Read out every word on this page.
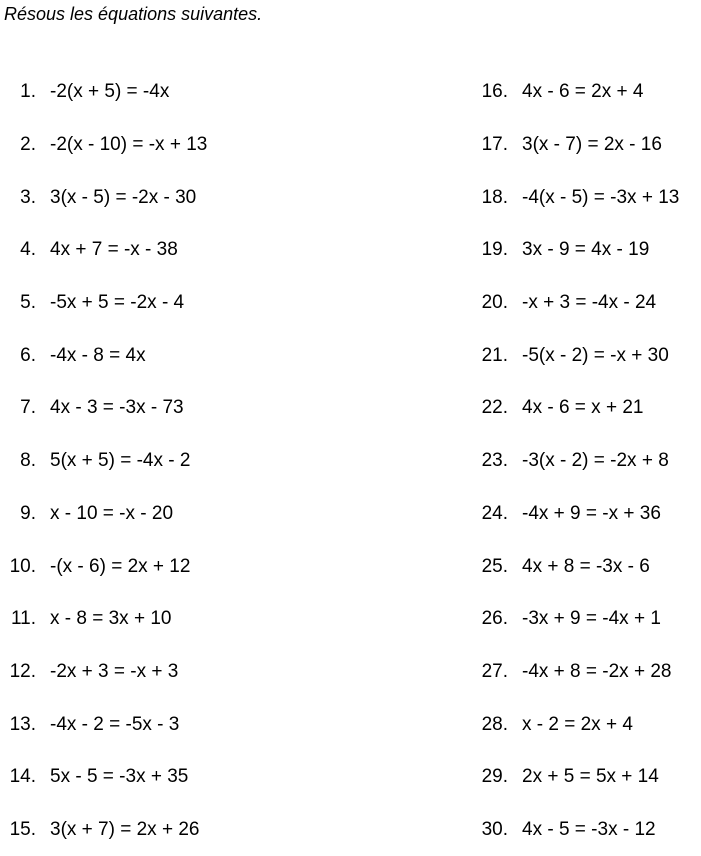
Résous les équations suivantes.
1. -2(x + 5) = -4x
2. -2(x - 10) = -x + 13
3. 3(x - 5) = -2x - 30
4. 4x + 7 = -x - 38
5. -5x + 5 = -2x - 4
6. -4x - 8 = 4x
7. 4x - 3 = -3x - 73
8. 5(x + 5) = -4x - 2
9. x - 10 = -x - 20
10. -(x - 6) = 2x + 12
11. x - 8 = 3x + 10
12. -2x + 3 = -x + 3
13. -4x - 2 = -5x - 3
14. 5x - 5 = -3x + 35
15. 3(x + 7) = 2x + 26
16. 4x - 6 = 2x + 4
17. 3(x - 7) = 2x - 16
18. -4(x - 5) = -3x + 13
19. 3x - 9 = 4x - 19
20. -x + 3 = -4x - 24
21. -5(x - 2) = -x + 30
22. 4x - 6 = x + 21
23. -3(x - 2) = -2x + 8
24. -4x + 9 = -x + 36
25. 4x + 8 = -3x - 6
26. -3x + 9 = -4x + 1
27. -4x + 8 = -2x + 28
28. x - 2 = 2x + 4
29. 2x + 5 = 5x + 14
30. 4x - 5 = -3x - 12
